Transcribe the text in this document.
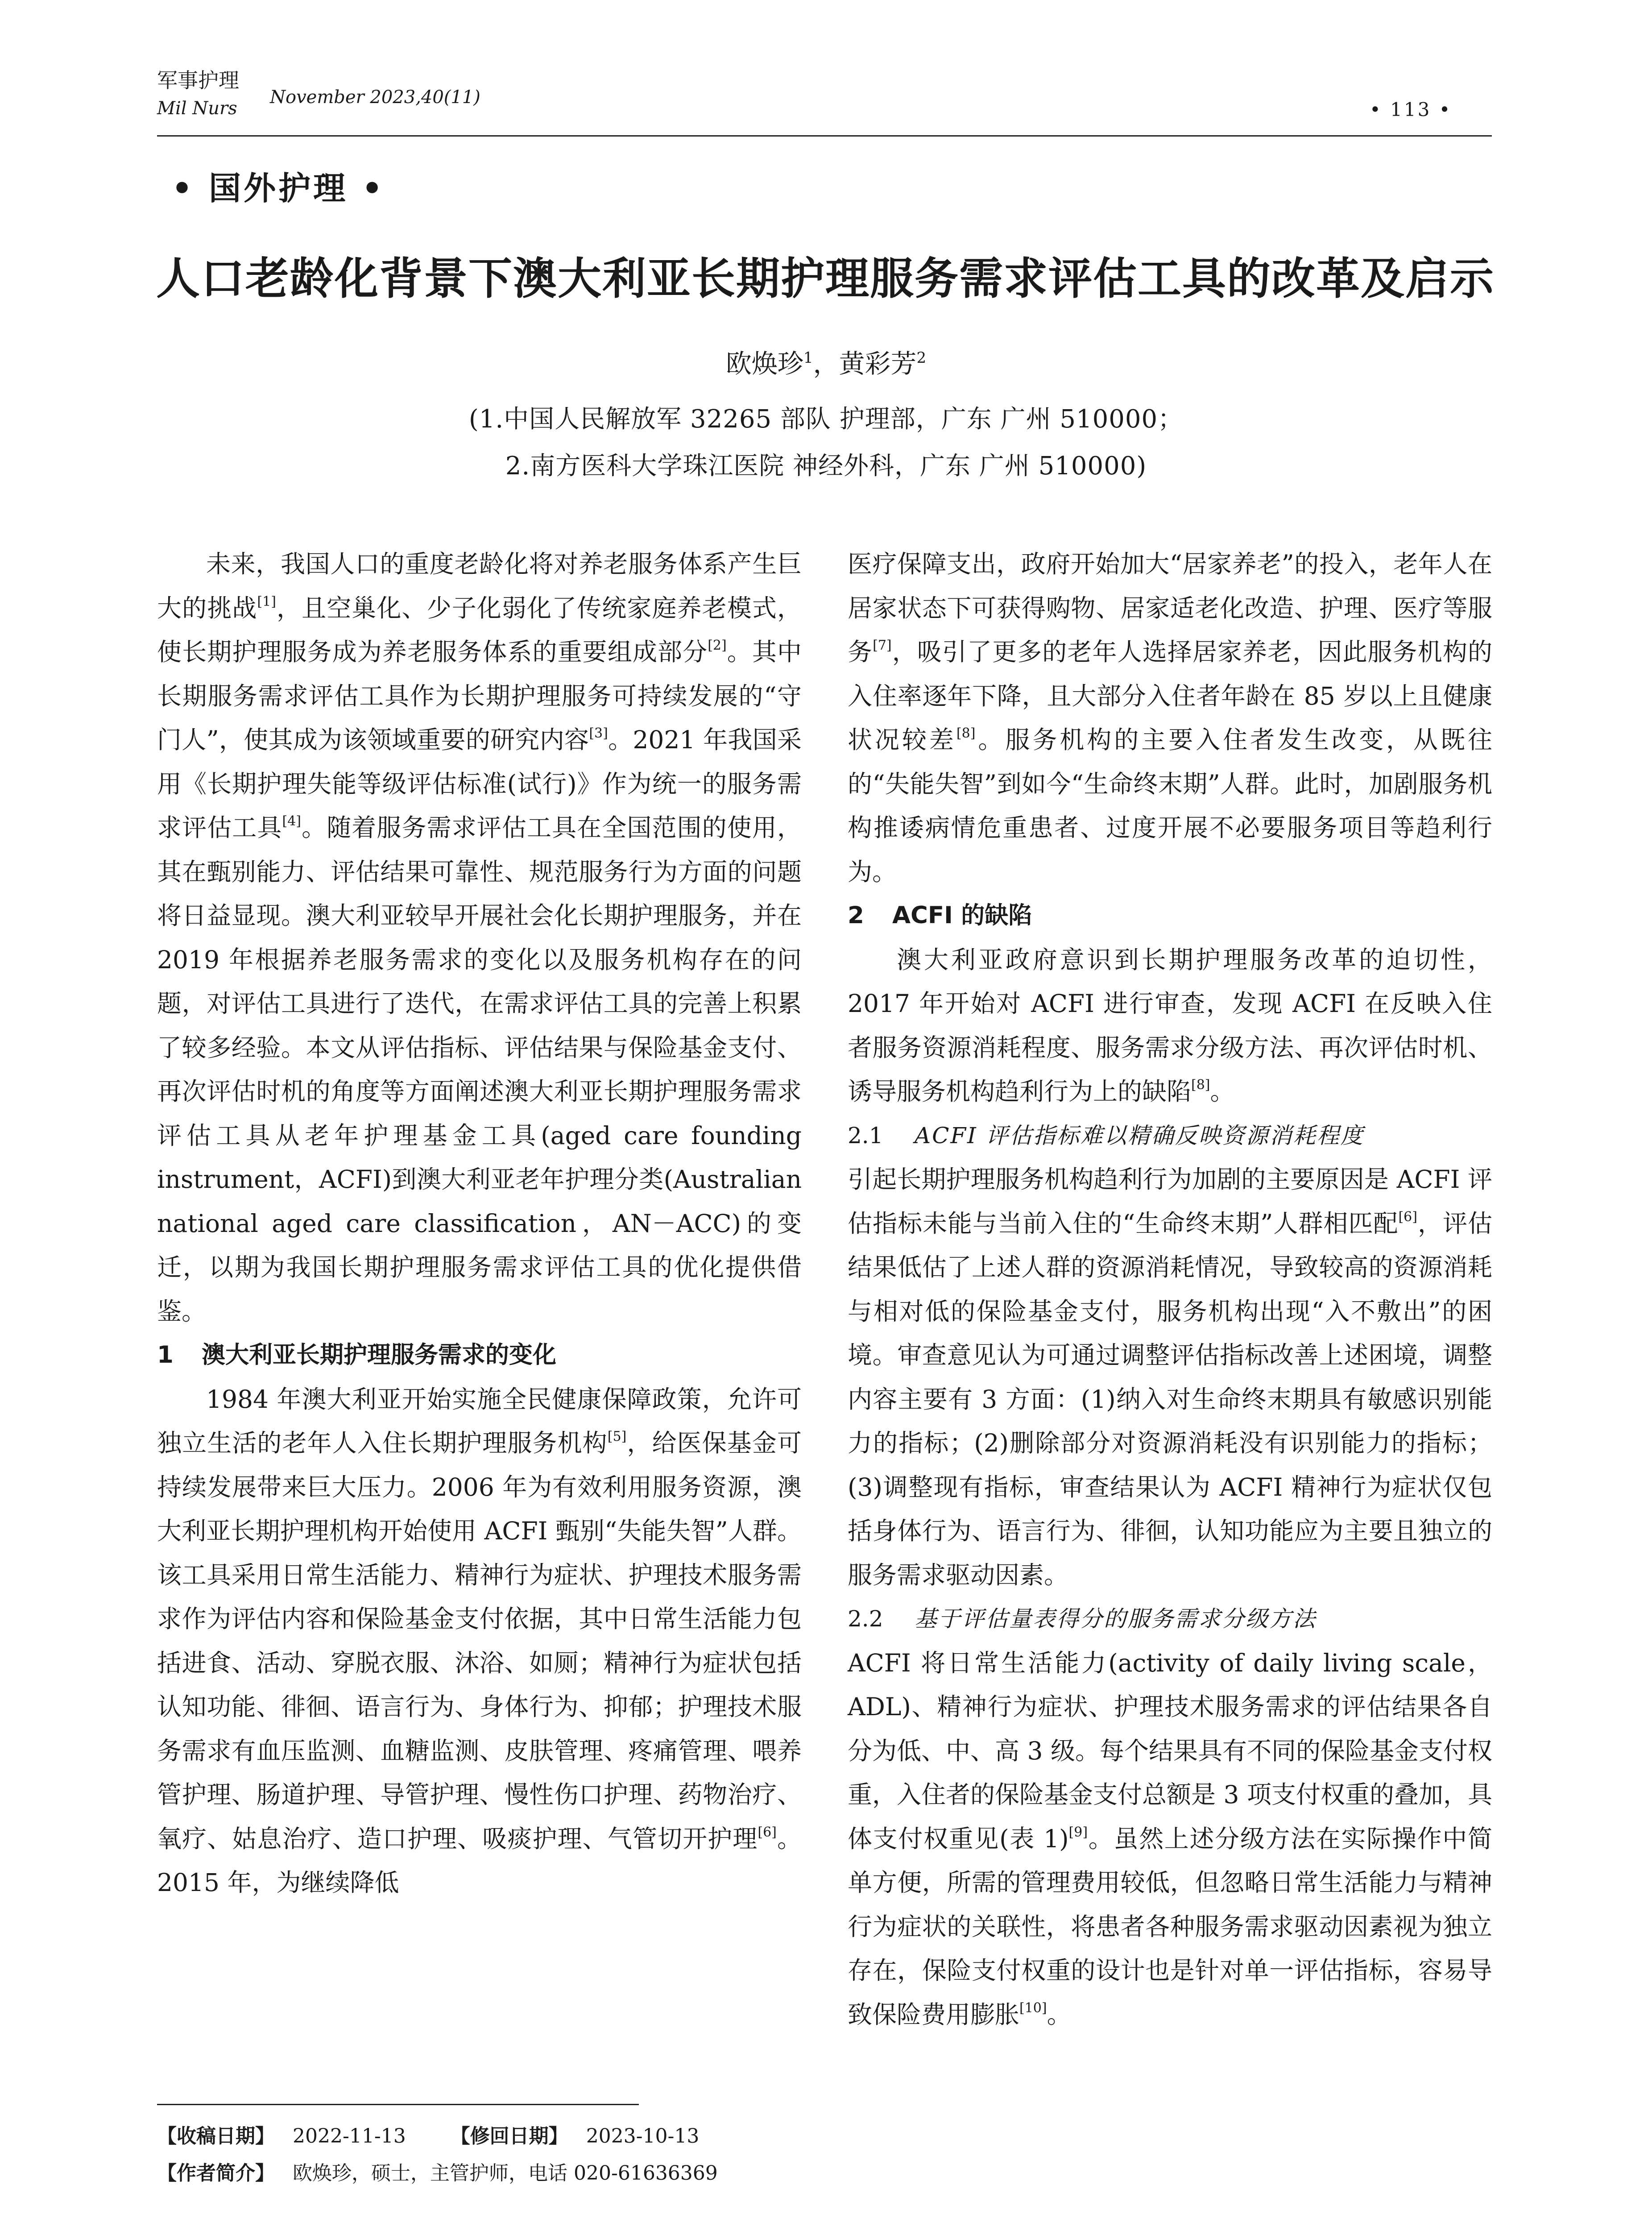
军事护理
Mil Nurs
November 2023,40(11)
• 113 •
• 国外护理 •
人口老龄化背景下澳大利亚长期护理服务需求评估工具的改革及启示
欧焕珍$^1$，黄彩芳$^2$
(1.中国人民解放军 32265 部队 护理部，广东 广州 510000；
2.南方医科大学珠江医院 神经外科，广东 广州 510000)

未来，我国人口的重度老龄化将对养老服务体系产生巨大的挑战[1]，且空巢化、少子化弱化了传统家庭养老模式，使长期护理服务成为养老服务体系的重要组成部分[2]。其中长期服务需求评估工具作为长期护理服务可持续发展的“守门人”，使其成为该领域重要的研究内容[3]。2021 年我国采用《长期护理失能等级评估标准(试行)》作为统一的服务需求评估工具[4]。随着服务需求评估工具在全国范围的使用，其在甄别能力、评估结果可靠性、规范服务行为方面的问题将日益显现。澳大利亚较早开展社会化长期护理服务，并在 2019 年根据养老服务需求的变化以及服务机构存在的问题，对评估工具进行了迭代，在需求评估工具的完善上积累了较多经验。本文从评估指标、评估结果与保险基金支付、再次评估时机的角度等方面阐述澳大利亚长期护理服务需求评估工具从老年护理基金工具(aged care founding instrument，ACFI)到澳大利亚老年护理分类(Australian national aged care classification，AN－ACC)的变迁，以期为我国长期护理服务需求评估工具的优化提供借鉴。

1 澳大利亚长期护理服务需求的变化

1984 年澳大利亚开始实施全民健康保障政策，允许可独立生活的老年人入住长期护理服务机构[5]，给医保基金可持续发展带来巨大压力。2006 年为有效利用服务资源，澳大利亚长期护理机构开始使用 ACFI 甄别“失能失智”人群。该工具采用日常生活能力、精神行为症状、护理技术服务需求作为评估内容和保险基金支付依据，其中日常生活能力包括进食、活动、穿脱衣服、沐浴、如厕；精神行为症状包括认知功能、徘徊、语言行为、身体行为、抑郁；护理技术服务需求有血压监测、血糖监测、皮肤管理、疼痛管理、喂养管护理、肠道护理、导管护理、慢性伤口护理、药物治疗、氧疗、姑息治疗、造口护理、吸痰护理、气管切开护理[6]。2015 年，为继续降低

医疗保障支出，政府开始加大“居家养老”的投入，老年人在居家状态下可获得购物、居家适老化改造、护理、医疗等服务[7]，吸引了更多的老年人选择居家养老，因此服务机构的入住率逐年下降，且大部分入住者年龄在 85 岁以上且健康状况较差[8]。服务机构的主要入住者发生改变，从既往的“失能失智”到如今“生命终末期”人群。此时，加剧服务机构推诿病情危重患者、过度开展不必要服务项目等趋利行为。

2 ACFI 的缺陷

澳大利亚政府意识到长期护理服务改革的迫切性，2017 年开始对 ACFI 进行审查，发现 ACFI 在反映入住者服务资源消耗程度、服务需求分级方法、再次评估时机、诱导服务机构趋利行为上的缺陷[8]。

2.1 ACFI 评估指标难以精确反映资源消耗程度

引起长期护理服务机构趋利行为加剧的主要原因是 ACFI 评估指标未能与当前入住的“生命终末期”人群相匹配[6]，评估结果低估了上述人群的资源消耗情况，导致较高的资源消耗与相对低的保险基金支付，服务机构出现“入不敷出”的困境。审查意见认为可通过调整评估指标改善上述困境，调整内容主要有 3 方面：(1)纳入对生命终末期具有敏感识别能力的指标；(2)删除部分对资源消耗没有识别能力的指标；(3)调整现有指标，审查结果认为 ACFI 精神行为症状仅包括身体行为、语言行为、徘徊，认知功能应为主要且独立的服务需求驱动因素。

2.2 基于评估量表得分的服务需求分级方法

ACFI 将日常生活能力(activity of daily living scale，ADL)、精神行为症状、护理技术服务需求的评估结果各自分为低、中、高 3 级。每个结果具有不同的保险基金支付权重，入住者的保险基金支付总额是 3 项支付权重的叠加，具体支付权重见(表 1)[9]。虽然上述分级方法在实际操作中简单方便，所需的管理费用较低，但忽略日常生活能力与精神行为症状的关联性，将患者各种服务需求驱动因素视为独立存在，保险支付权重的设计也是针对单一评估指标，容易导致保险费用膨胀[10]。

【收稿日期】 2022-11-13 【修回日期】 2023-10-13
【作者简介】 欧焕珍，硕士，主管护师，电话 020-61636369
